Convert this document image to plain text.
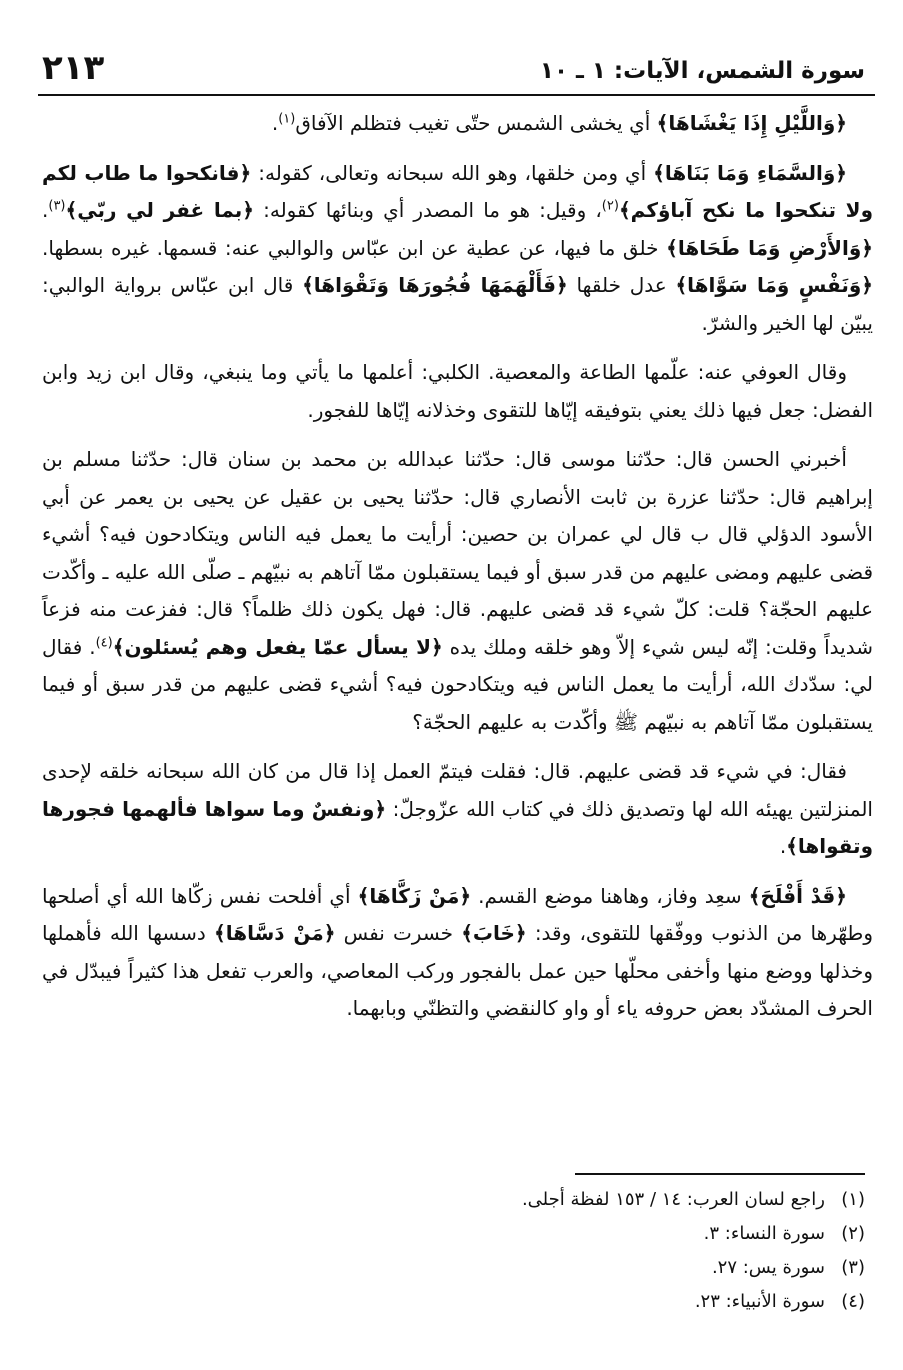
سورة الشمس، الآيات: ١ ـ ١٠
٢١٣

﴿وَاللَّيْلِ إِذَا يَغْشَاهَا﴾ أي يخشى الشمس حتّى تغيب فتظلم الآفاق$^{(١)}$.

﴿وَالسَّمَاءِ وَمَا بَنَاهَا﴾ أي ومن خلقها، وهو الله سبحانه وتعالى، كقوله: ﴿فانكحوا ما طاب لكم ولا تنكحوا ما نكح آباؤكم﴾$^{(٢)}$، وقيل: هو ما المصدر أي وبنائها كقوله: ﴿بما غفر لي ربّي﴾$^{(٣)}$. ﴿وَالأَرْضِ وَمَا طَحَاهَا﴾ خلق ما فيها، عن عطية عن ابن عبّاس والوالبي عنه: قسمها. غيره بسطها. ﴿وَنَفْسٍ وَمَا سَوَّاهَا﴾ عدل خلقها ﴿فَأَلْهَمَهَا فُجُورَهَا وَتَقْوَاهَا﴾ قال ابن عبّاس برواية الوالبي: يبيّن لها الخير والشرّ.

وقال العوفي عنه: علّمها الطاعة والمعصية. الكلبي: أعلمها ما يأتي وما ينبغي، وقال ابن زيد وابن الفضل: جعل فيها ذلك يعني بتوفيقه إيّاها للتقوى وخذلانه إيّاها للفجور.

أخبرني الحسن قال: حدّثنا موسى قال: حدّثنا عبدالله بن محمد بن سنان قال: حدّثنا مسلم بن إبراهيم قال: حدّثنا عزرة بن ثابت الأنصاري قال: حدّثنا يحيى بن عقيل عن يحيى بن يعمر عن أبي الأسود الدؤلي قال ب قال لي عمران بن حصين: أرأيت ما يعمل فيه الناس ويتكادحون فيه؟ أشيء قضى عليهم ومضى عليهم من قدر سبق أو فيما يستقبلون ممّا آتاهم به نبيّهم ـ صلّى الله عليه ـ وأكّدت عليهم الحجّة؟ قلت: كلّ شيء قد قضى عليهم. قال: فهل يكون ذلك ظلماً؟ قال: ففزعت منه فزعاً شديداً وقلت: إنّه ليس شيء إلاّ وهو خلقه وملك يده ﴿لا يسأل عمّا يفعل وهم يُسئلون﴾$^{(٤)}$. فقال لي: سدّدك الله، أرأيت ما يعمل الناس فيه ويتكادحون فيه؟ أشيء قضى عليهم من قدر سبق أو فيما يستقبلون ممّا آتاهم به نبيّهم ﷺ وأكّدت به عليهم الحجّة؟

فقال: في شيء قد قضى عليهم. قال: فقلت فيتمّ العمل إذا قال من كان الله سبحانه خلقه لإحدى المنزلتين يهيئه الله لها وتصديق ذلك في كتاب الله عزّوجلّ: ﴿ونفسٌ وما سواها فألهمها فجورها وتقواها﴾.

﴿قَدْ أَفْلَحَ﴾ سعِد وفاز، وهاهنا موضع القسم. ﴿مَنْ زَكَّاهَا﴾ أي أفلحت نفس زكّاها الله أي أصلحها وطهّرها من الذنوب ووفّقها للتقوى، وقد: ﴿خَابَ﴾ خسرت نفس ﴿مَنْ دَسَّاهَا﴾ دسسها الله فأهملها وخذلها ووضع منها وأخفى محلّها حين عمل بالفجور وركب المعاصي، والعرب تفعل هذا كثيراً فيبدّل في الحرف المشدّد بعض حروفه ياء أو واو كالنقضي والتظنّي وبابهما.

(١)راجع لسان العرب: ١٤ / ١٥٣ لفظة أجلى.
(٢)سورة النساء: ٣.
(٣)سورة يس: ٢٧.
(٤)سورة الأنبياء: ٢٣.
